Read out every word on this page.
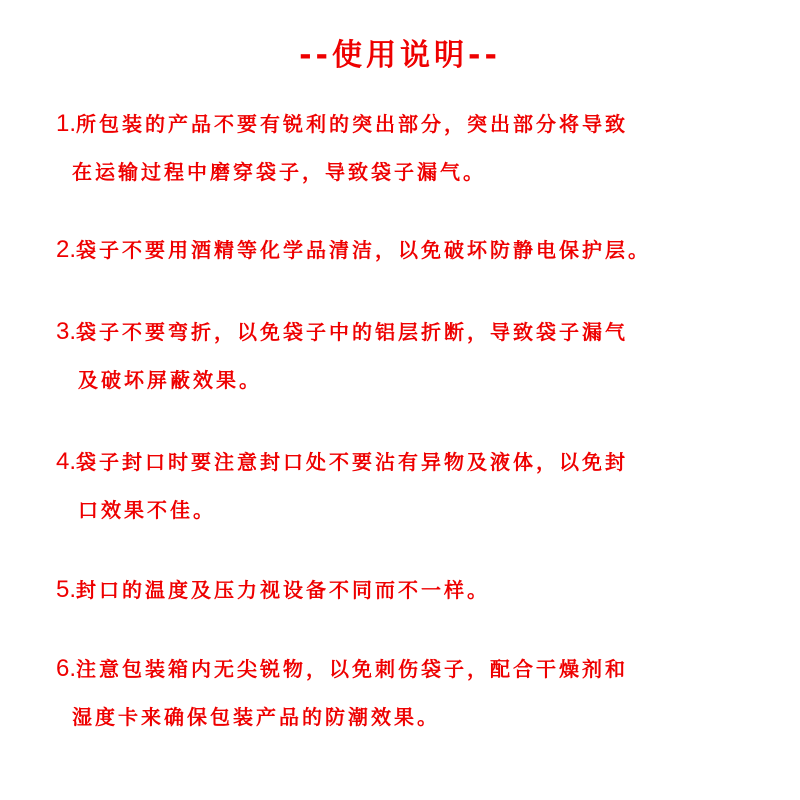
--使用说明--
1.所包装的产品不要有锐利的突出部分，突出部分将导致
在运输过程中磨穿袋子，导致袋子漏气。
2.袋子不要用酒精等化学品清洁，以免破坏防静电保护层。
3.袋子不要弯折，以免袋子中的铝层折断，导致袋子漏气
及破坏屏蔽效果。
4.袋子封口时要注意封口处不要沾有异物及液体，以免封
口效果不佳。
5.封口的温度及压力视设备不同而不一样。
6.注意包装箱内无尖锐物，以免刺伤袋子，配合干燥剂和
湿度卡来确保包装产品的防潮效果。
